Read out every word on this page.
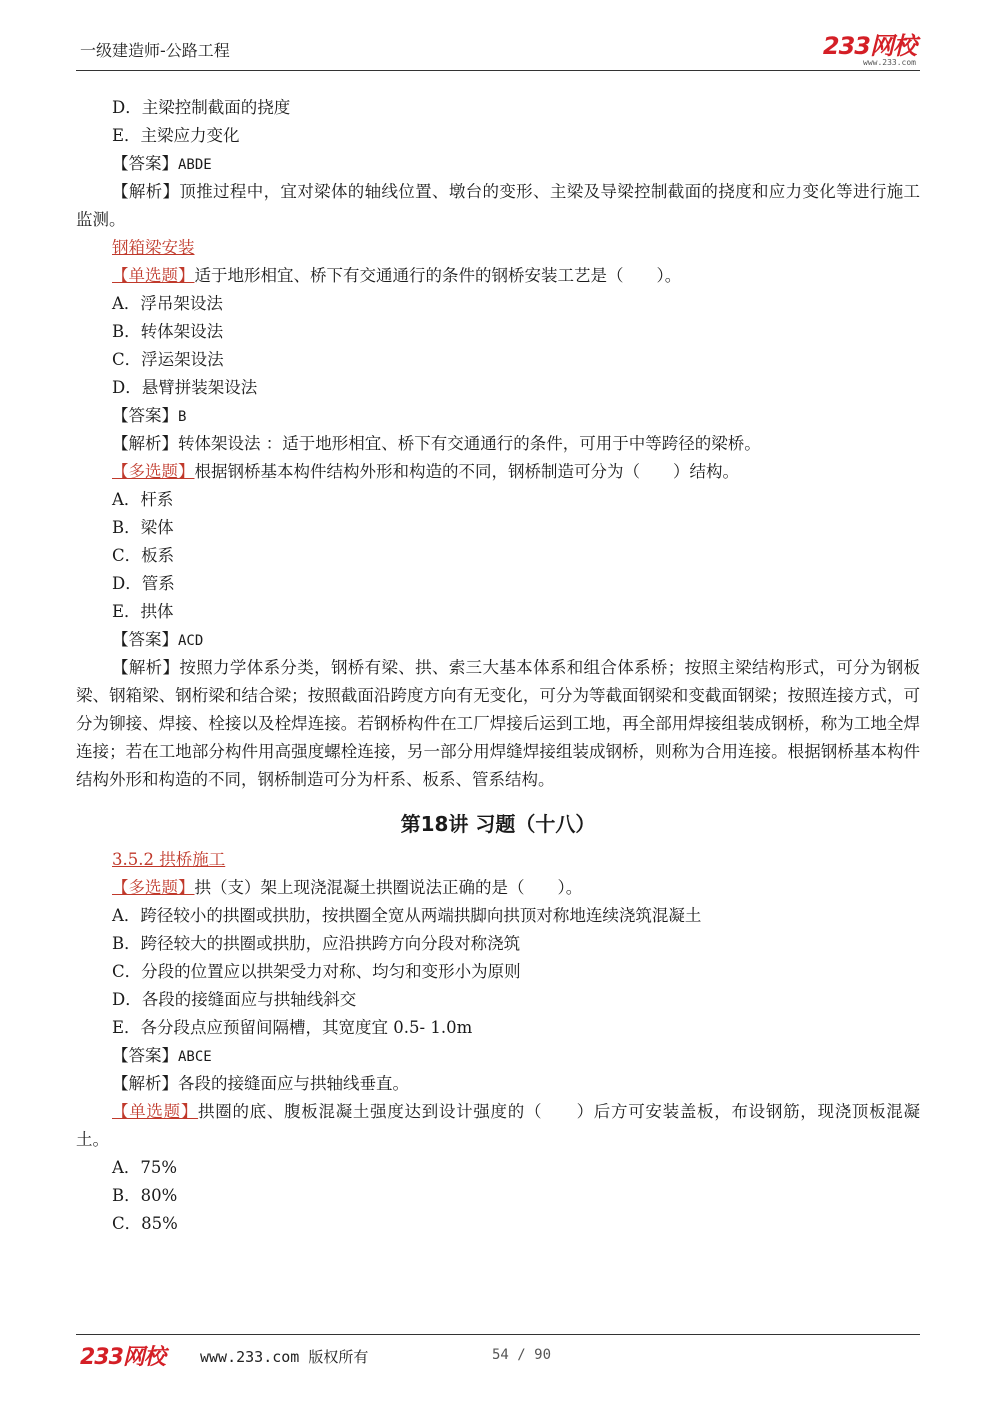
一级建造师-公路工程	233网校
www.233.com
D．主梁控制截面的挠度
E．主梁应力变化
【答案】ABDE
【解析】顶推过程中，宜对梁体的轴线位置、墩台的变形、主梁及导梁控制截面的挠度和应力变化等进行施工监测。
钢箱梁安装
【单选题】适于地形相宜、桥下有交通通行的条件的钢桥安装工艺是（　　）。
A．浮吊架设法
B．转体架设法
C．浮运架设法
D．悬臂拼装架设法
【答案】B
【解析】转体架设法 ：适于地形相宜、桥下有交通通行的条件，可用于中等跨径的梁桥。
【多选题】根据钢桥基本构件结构外形和构造的不同，钢桥制造可分为（　　）结构。
A．杆系
B．梁体
C．板系
D．管系
E．拱体
【答案】ACD
【解析】按照力学体系分类，钢桥有梁、拱、索三大基本体系和组合体系桥；按照主梁结构形式，可分为钢板梁、钢箱梁、钢桁梁和结合梁；按照截面沿跨度方向有无变化，可分为等截面钢梁和变截面钢梁；按照连接方式，可分为铆接、焊接、栓接以及栓焊连接。若钢桥构件在工厂焊接后运到工地，再全部用焊接组装成钢桥，称为工地全焊连接；若在工地部分构件用高强度螺栓连接，另一部分用焊缝焊接组装成钢桥，则称为合用连接。根据钢桥基本构件结构外形和构造的不同，钢桥制造可分为杆系、板系、管系结构。
第18讲 习题（十八）
3.5.2 拱桥施工
【多选题】拱（支）架上现浇混凝土拱圈说法正确的是（　　）。
A．跨径较小的拱圈或拱肋，按拱圈全宽从两端拱脚向拱顶对称地连续浇筑混凝土
B．跨径较大的拱圈或拱肋，应沿拱跨方向分段对称浇筑
C．分段的位置应以拱架受力对称、均匀和变形小为原则
D．各段的接缝面应与拱轴线斜交
E．各分段点应预留间隔槽，其宽度宜 0.5- 1.0m
【答案】ABCE
【解析】各段的接缝面应与拱轴线垂直。
【单选题】拱圈的底、腹板混凝土强度达到设计强度的（　　）后方可安装盖板，布设钢筋，现浇顶板混凝土。
A．75%
B．80%
C．85%
233网校 www.233.com 版权所有	54 / 90
